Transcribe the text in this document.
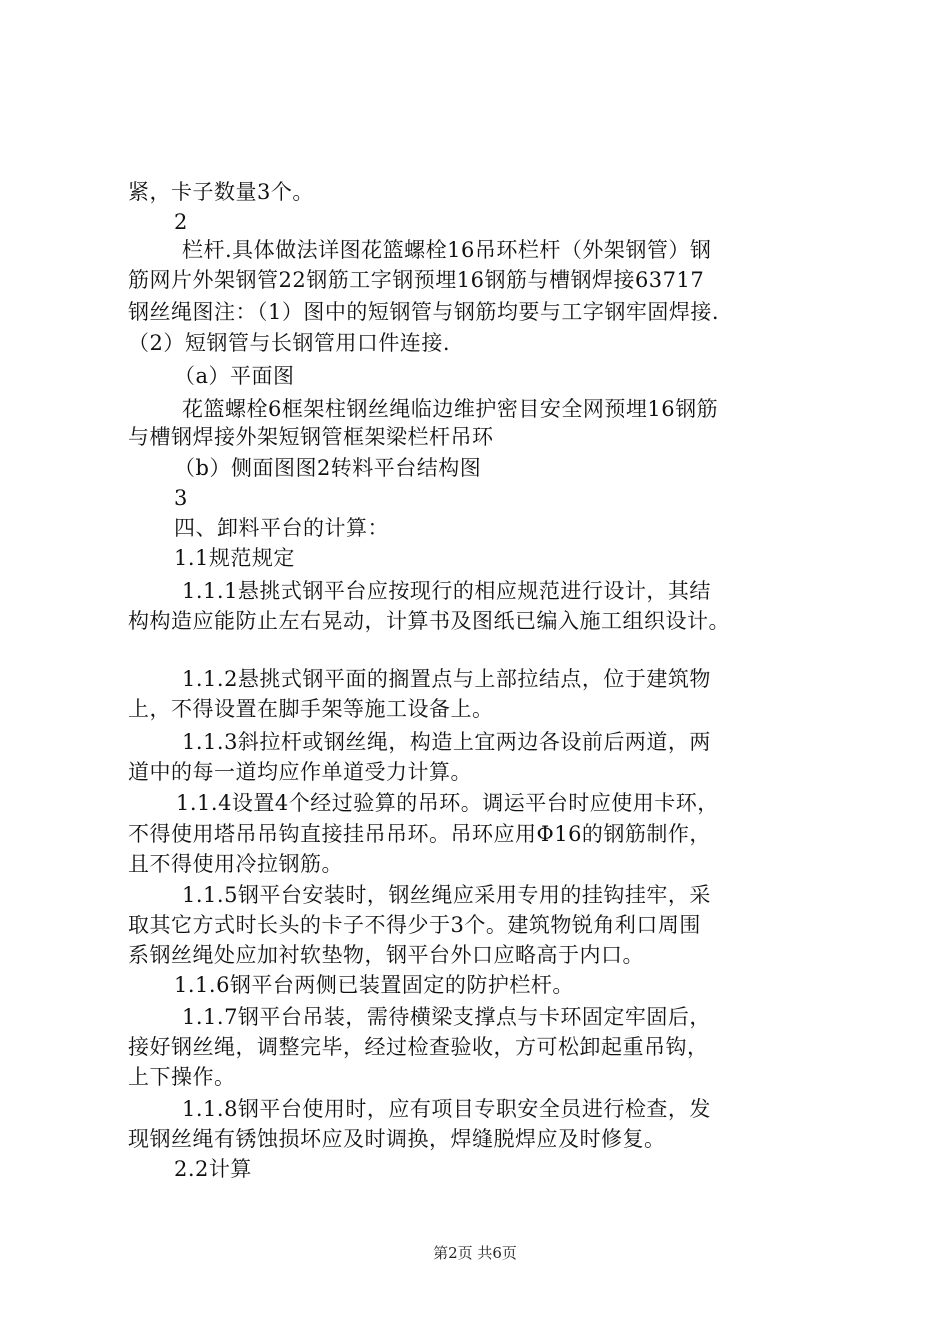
紧，卡子数量3个。
2
栏杆.具体做法详图花篮螺栓16吊环栏杆（外架钢管）钢
筋网片外架钢管22钢筋工字钢预埋16钢筋与槽钢焊接63717
钢丝绳图注：（1）图中的短钢管与钢筋均要与工字钢牢固焊接.
（2）短钢管与长钢管用口件连接.
（a）平面图
花篮螺栓6框架柱钢丝绳临边维护密目安全网预埋16钢筋
与槽钢焊接外架短钢管框架梁栏杆吊环
（b）侧面图图2转料平台结构图
3
四、卸料平台的计算：
1.1规范规定
1.1.1悬挑式钢平台应按现行的相应规范进行设计，其结
构构造应能防止左右晃动，计算书及图纸已编入施工组织设计。
1.1.2悬挑式钢平面的搁置点与上部拉结点，位于建筑物
上，不得设置在脚手架等施工设备上。
1.1.3斜拉杆或钢丝绳，构造上宜两边各设前后两道，两
道中的每一道均应作单道受力计算。
1.1.4设置4个经过验算的吊环。调运平台时应使用卡环，
不得使用塔吊吊钩直接挂吊吊环。吊环应用Φ16的钢筋制作，
且不得使用冷拉钢筋。
1.1.5钢平台安装时，钢丝绳应采用专用的挂钩挂牢，采
取其它方式时长头的卡子不得少于3个。建筑物锐角利口周围
系钢丝绳处应加衬软垫物，钢平台外口应略高于内口。
1.1.6钢平台两侧已装置固定的防护栏杆。
1.1.7钢平台吊装，需待横梁支撑点与卡环固定牢固后，
接好钢丝绳，调整完毕，经过检查验收，方可松卸起重吊钩，
上下操作。
1.1.8钢平台使用时，应有项目专职安全员进行检查，发
现钢丝绳有锈蚀损坏应及时调换，焊缝脱焊应及时修复。
2.2计算
第2页 共6页
